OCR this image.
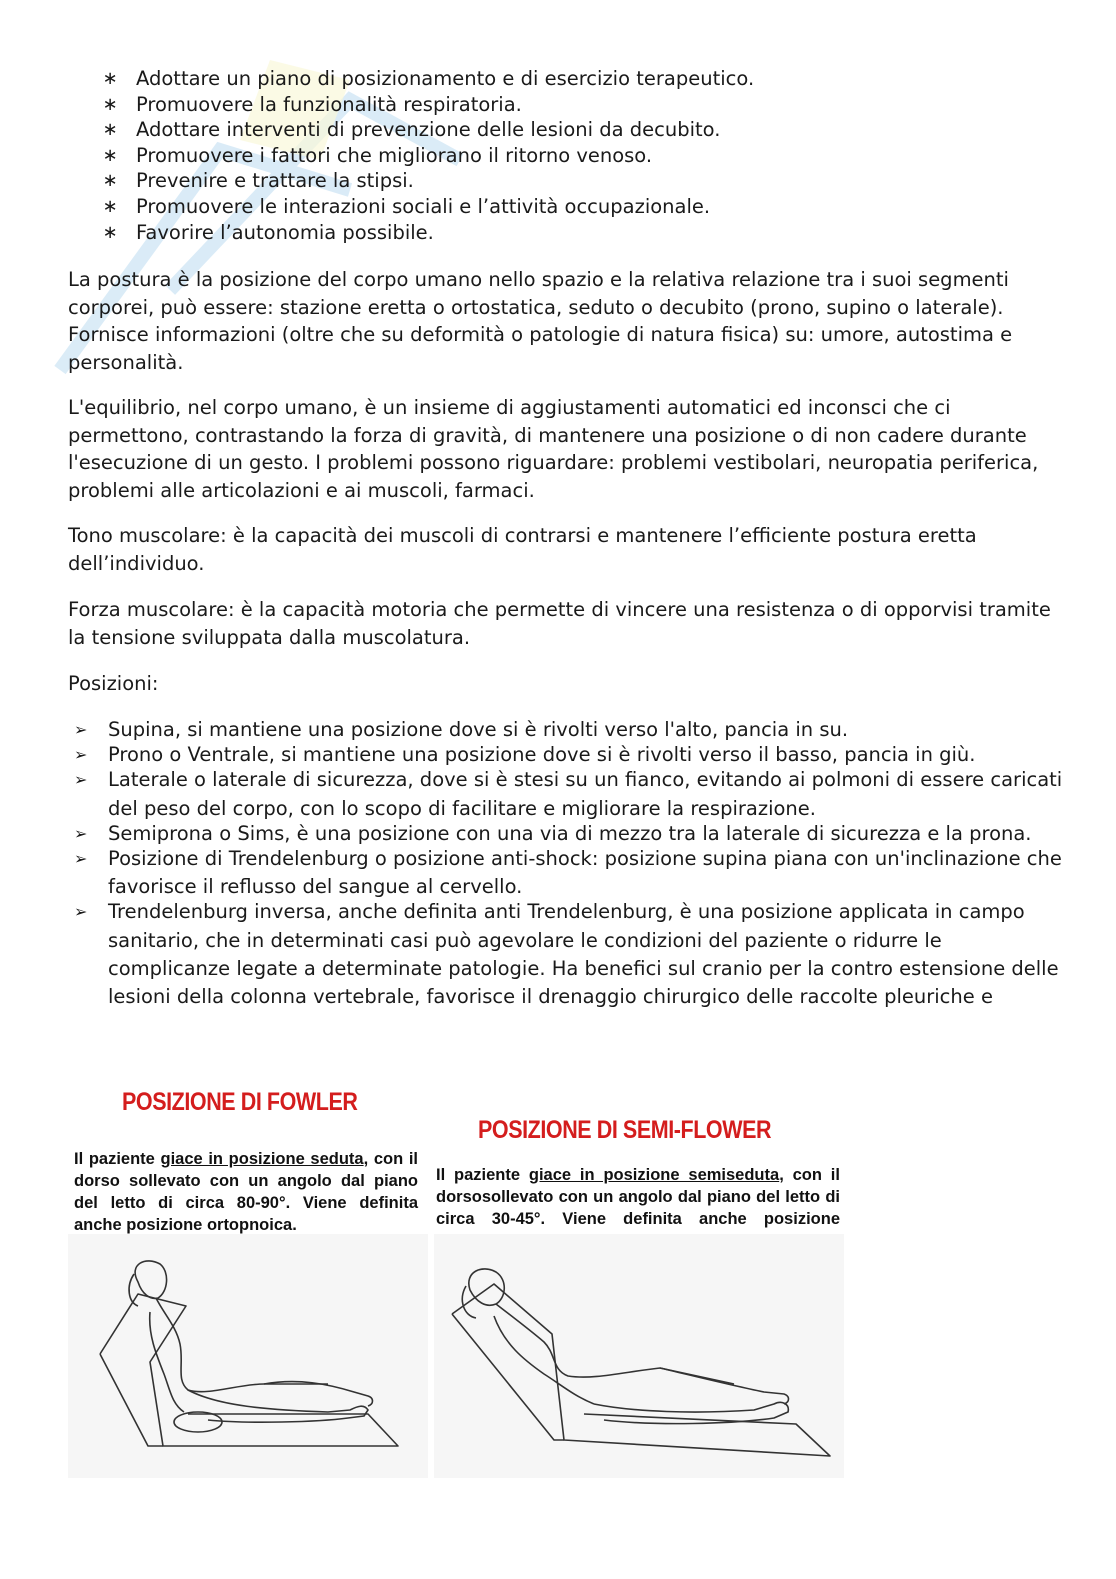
∗ Adottare un piano di posizionamento e di esercizio terapeutico.
∗ Promuovere la funzionalità respiratoria.
∗ Adottare interventi di prevenzione delle lesioni da decubito.
∗ Promuovere i fattori che migliorano il ritorno venoso.
∗ Prevenire e trattare la stipsi.
∗ Promuovere le interazioni sociali e l’attività occupazionale.
∗ Favorire l’autonomia possibile.

La postura è la posizione del corpo umano nello spazio e la relativa relazione tra i suoi segmenti corporei, può essere: stazione eretta o ortostatica, seduto o decubito (prono, supino o laterale). Fornisce informazioni (oltre che su deformità o patologie di natura fisica) su: umore, autostima e personalità.

L'equilibrio, nel corpo umano, è un insieme di aggiustamenti automatici ed inconsci che ci permettono, contrastando la forza di gravità, di mantenere una posizione o di non cadere durante l'esecuzione di un gesto. I problemi possono riguardare: problemi vestibolari, neuropatia periferica, problemi alle articolazioni e ai muscoli, farmaci.

Tono muscolare: è la capacità dei muscoli di contrarsi e mantenere l’efficiente postura eretta dell’individuo.

Forza muscolare: è la capacità motoria che permette di vincere una resistenza o di opporvisi tramite la tensione sviluppata dalla muscolatura.

Posizioni:

➢ Supina, si mantiene una posizione dove si è rivolti verso l'alto, pancia in su.
➢ Prono o Ventrale, si mantiene una posizione dove si è rivolti verso il basso, pancia in giù.
➢ Laterale o laterale di sicurezza, dove si è stesi su un fianco, evitando ai polmoni di essere caricati del peso del corpo, con lo scopo di facilitare e migliorare la respirazione.
➢ Semiprona o Sims, è una posizione con una via di mezzo tra la laterale di sicurezza e la prona.
➢ Posizione di Trendelenburg o posizione anti-shock: posizione supina piana con un'inclinazione che favorisce il reflusso del sangue al cervello.
➢ Trendelenburg inversa, anche definita anti Trendelenburg, è una posizione applicata in campo sanitario, che in determinati casi può agevolare le condizioni del paziente o ridurre le complicanze legate a determinate patologie. Ha benefici sul cranio per la contro estensione delle lesioni della colonna vertebrale, favorisce il drenaggio chirurgico delle raccolte pleuriche e
POSIZIONE DI FOWLER
Il paziente giace in posizione seduta, con il dorso sollevato con un angolo dal piano del letto di circa 80-90°. Viene definita anche posizione ortopnoica.
POSIZIONE DI SEMI-FLOWER
Il paziente giace in posizione semiseduta, con il dorsosollevato con un angolo dal piano del letto di circa 30-45°. Viene definita anche posizione semiortopnoica.
